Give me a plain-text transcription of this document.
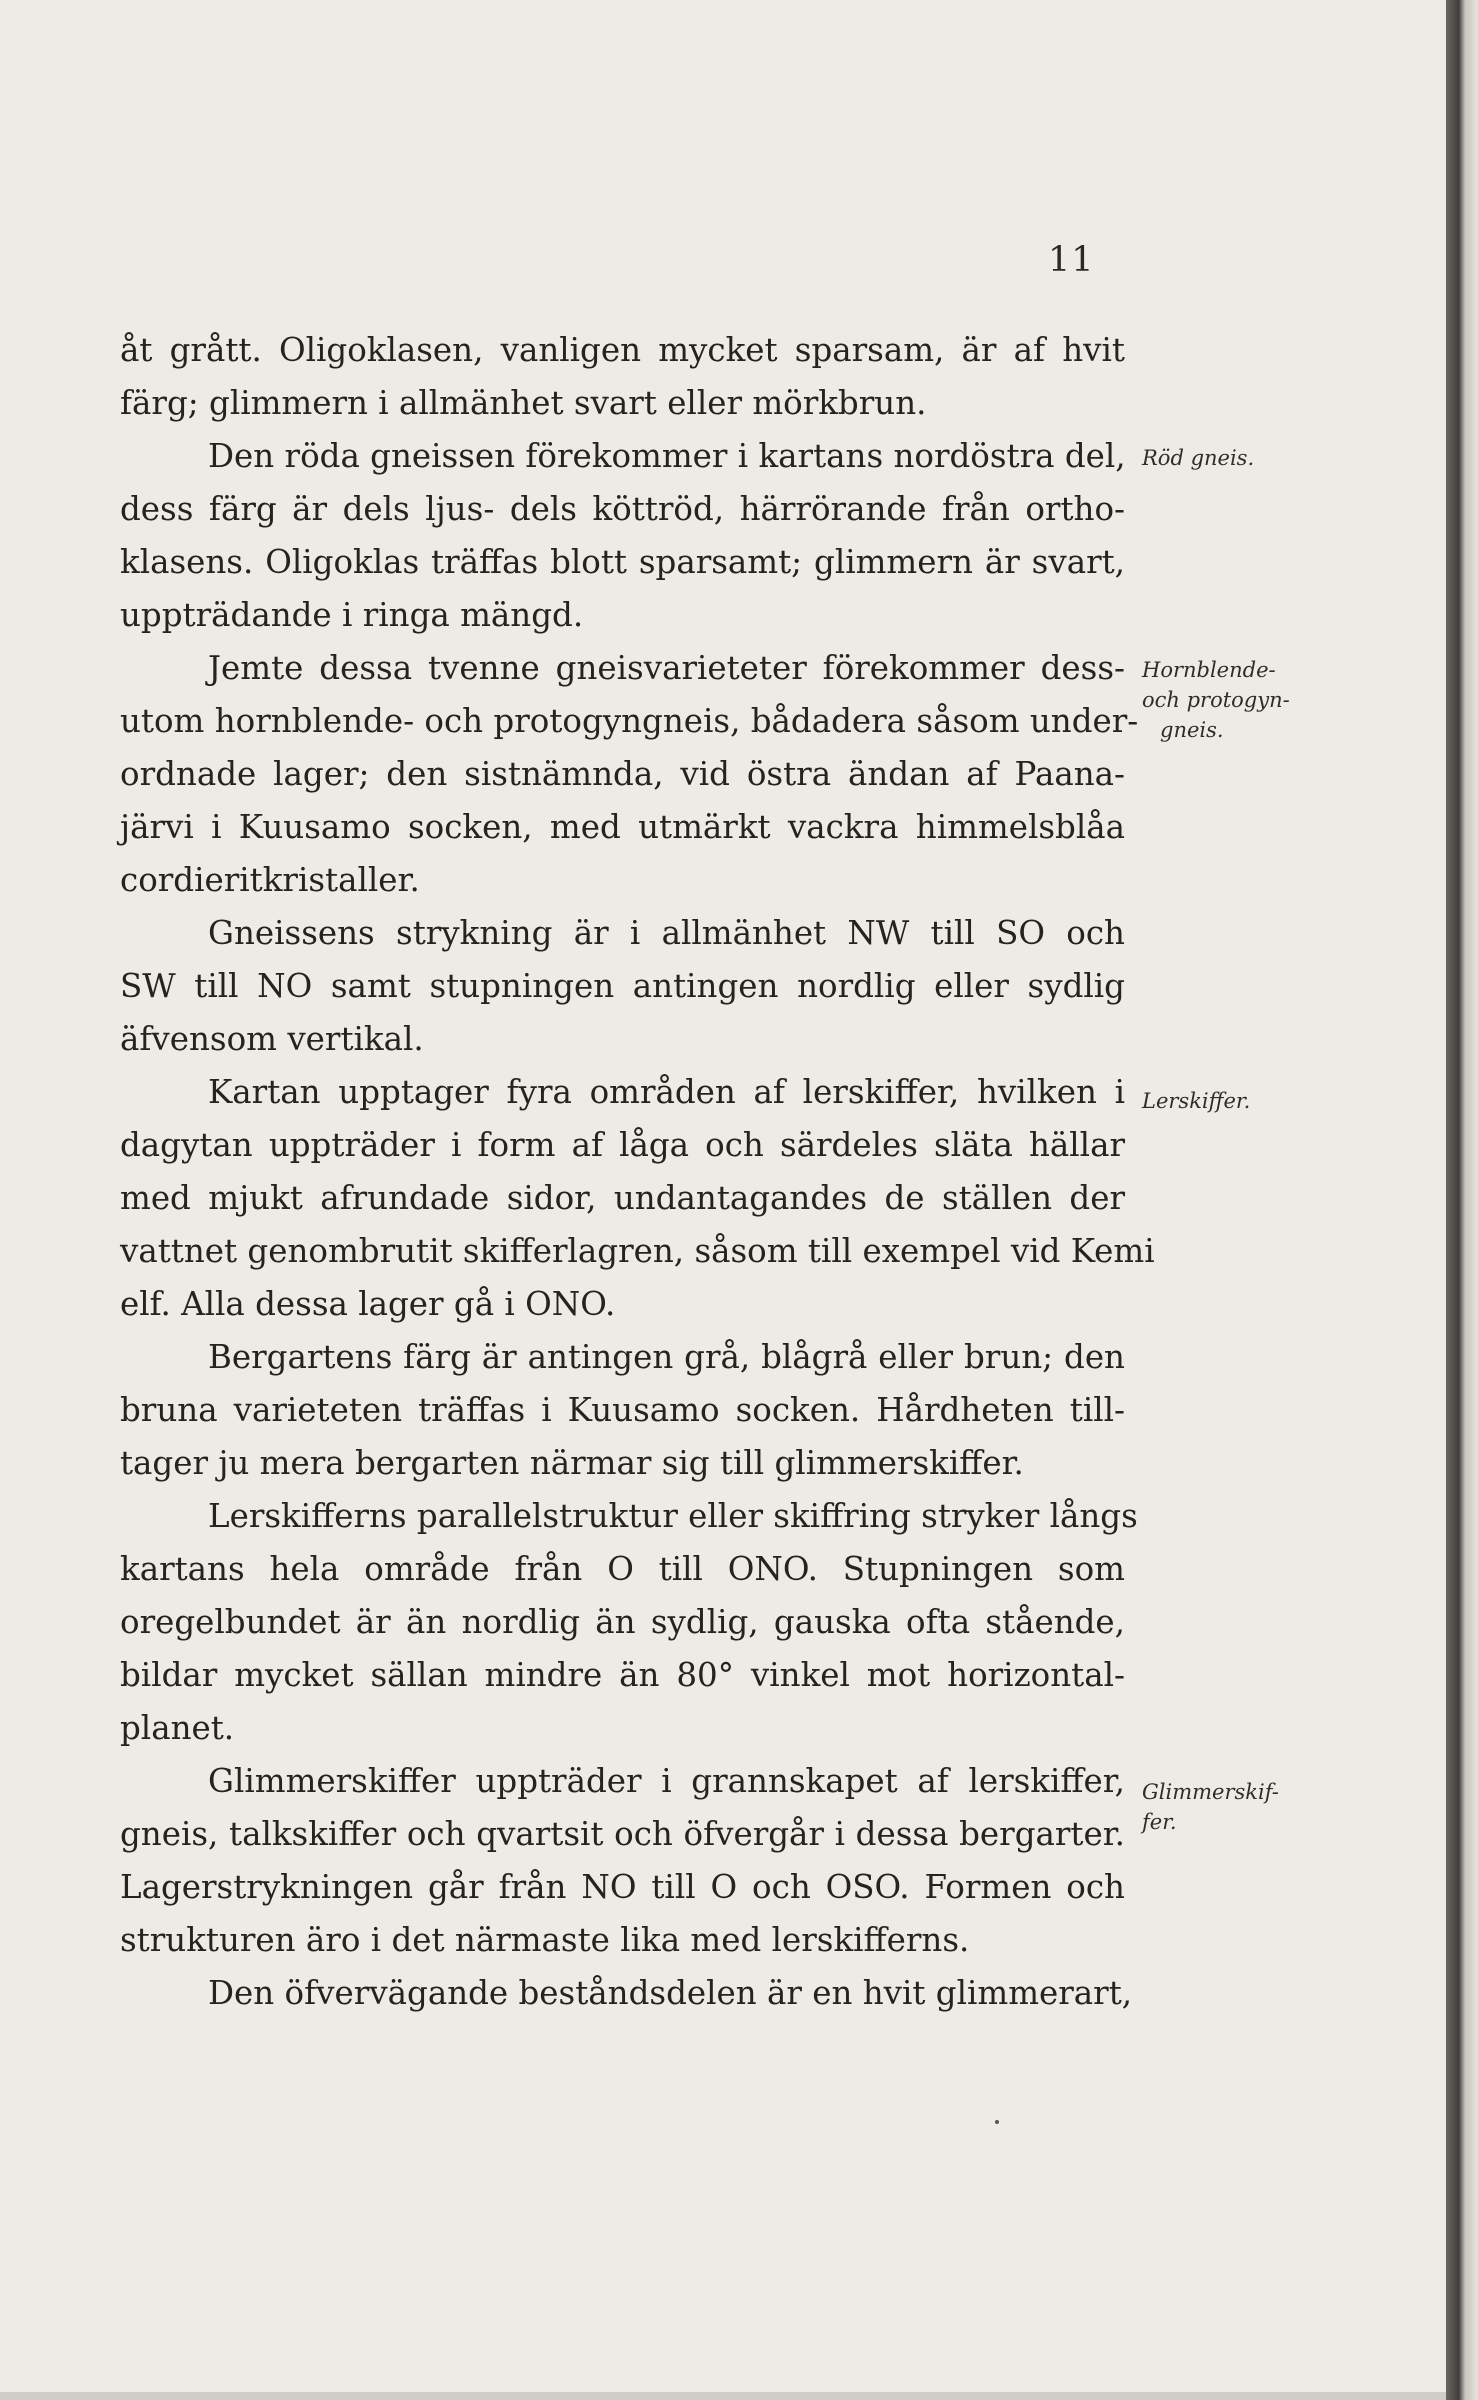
11
åt grått. Oligoklasen, vanligen mycket sparsam, är af hvit
färg; glimmern i allmänhet svart eller mörkbrun.
Den röda gneissen förekommer i kartans nordöstra del,
dess färg är dels ljus- dels köttröd, härrörande från ortho-
klasens. Oligoklas träffas blott sparsamt; glimmern är svart,
uppträdande i ringa mängd.
Jemte dessa tvenne gneisvarieteter förekommer dess-
utom hornblende- och protogyngneis, bådadera såsom under-
ordnade lager; den sistnämnda, vid östra ändan af Paana-
järvi i Kuusamo socken, med utmärkt vackra himmelsblåa
cordieritkristaller.
Gneissens strykning är i allmänhet NW till SO och
SW till NO samt stupningen antingen nordlig eller sydlig
äfvensom vertikal.
Kartan upptager fyra områden af lerskiffer, hvilken i
dagytan uppträder i form af låga och särdeles släta hällar
med mjukt afrundade sidor, undantagandes de ställen der
vattnet genombrutit skifferlagren, såsom till exempel vid Kemi
elf. Alla dessa lager gå i ONO.
Bergartens färg är antingen grå, blågrå eller brun; den
bruna varieteten träffas i Kuusamo socken. Hårdheten till-
tager ju mera bergarten närmar sig till glimmerskiffer.
Lerskifferns parallelstruktur eller skiffring stryker långs
kartans hela område från O till ONO. Stupningen som
oregelbundet är än nordlig än sydlig, gauska ofta stående,
bildar mycket sällan mindre än 80° vinkel mot horizontal-
planet.
Glimmerskiffer uppträder i grannskapet af lerskiffer,
gneis, talkskiffer och qvartsit och öfvergår i dessa bergarter.
Lagerstrykningen går från NO till O och OSO. Formen och
strukturen äro i det närmaste lika med lerskifferns.
Den öfvervägande beståndsdelen är en hvit glimmerart,
Röd gneis.
Hornblende-
och protogyn-
gneis.
Lerskiffer.
Glimmerskif-
fer.
